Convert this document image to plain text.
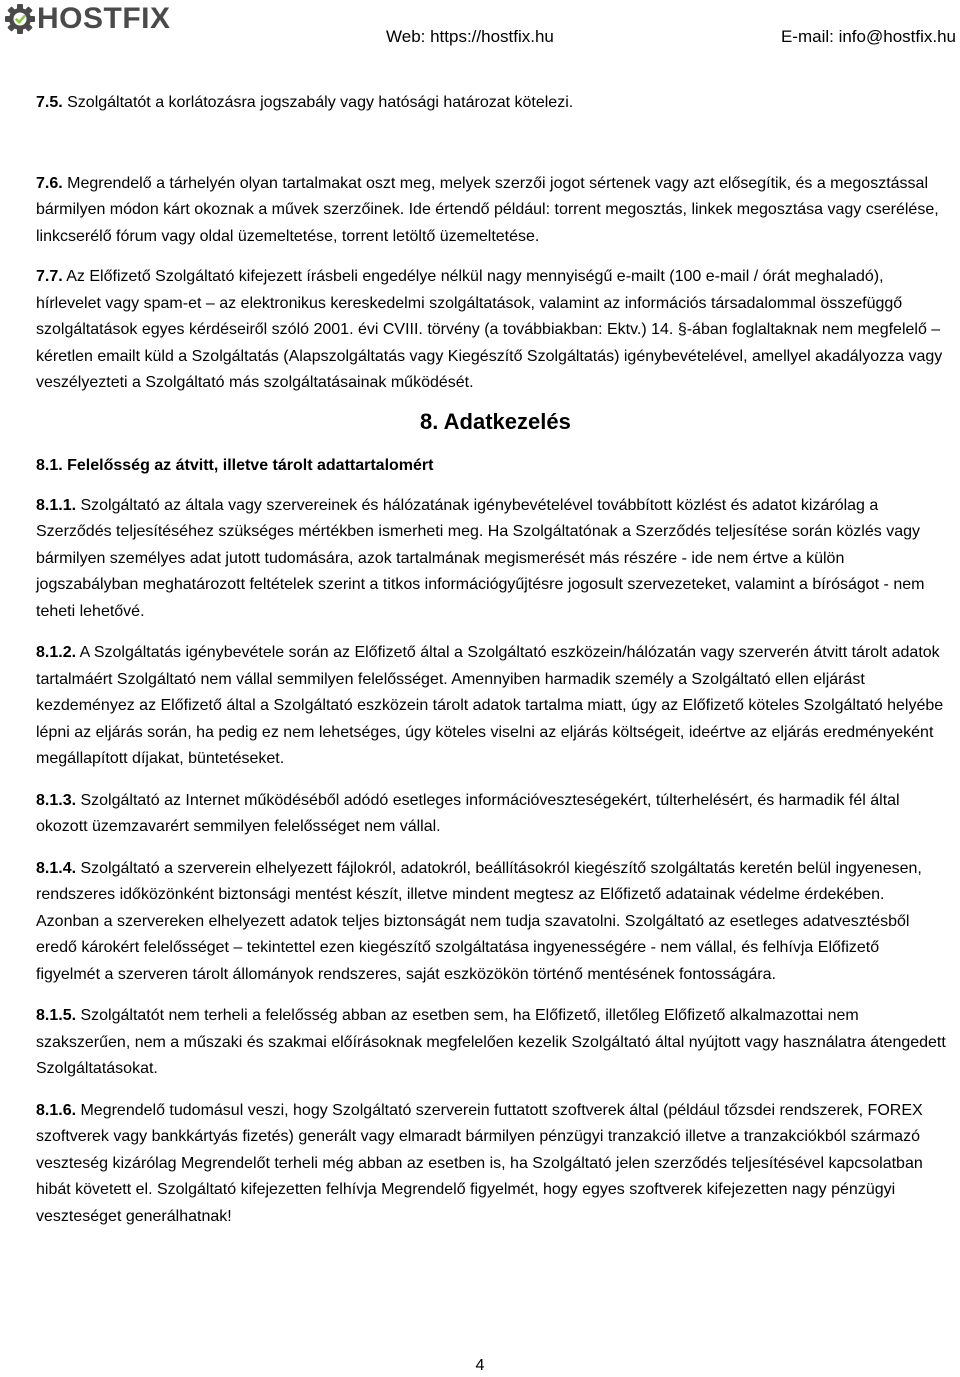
HOSTFIX
Web: https://hostfix.hu	E-mail: info@hostfix.hu

7.5. Szolgáltatót a korlátozásra jogszabály vagy hatósági határozat kötelezi.

7.6. Megrendelő a tárhelyén olyan tartalmakat oszt meg, melyek szerzői jogot sértenek vagy azt elősegítik, és a megosztással bármilyen módon kárt okoznak a művek szerzőinek. Ide értendő például: torrent megosztás, linkek megosztása vagy cserélése, linkcserélő fórum vagy oldal üzemeltetése, torrent letöltő üzemeltetése.

7.7. Az Előfizető Szolgáltató kifejezett írásbeli engedélye nélkül nagy mennyiségű e-mailt (100 e-mail / órát meghaladó), hírlevelet vagy spam-et – az elektronikus kereskedelmi szolgáltatások, valamint az információs társadalommal összefüggő szolgáltatások egyes kérdéseiről szóló 2001. évi CVIII. törvény (a továbbiakban: Ektv.) 14. §-ában foglaltaknak nem megfelelő – kéretlen emailt küld a Szolgáltatás (Alapszolgáltatás vagy Kiegészítő Szolgáltatás) igénybevételével, amellyel akadályozza vagy veszélyezteti a Szolgáltató más szolgáltatásainak működését.

8. Adatkezelés
8.1. Felelősség az átvitt, illetve tárolt adattartalomért

8.1.1. Szolgáltató az általa vagy szervereinek és hálózatának igénybevételével továbbított közlést és adatot kizárólag a Szerződés teljesítéséhez szükséges mértékben ismerheti meg. Ha Szolgáltatónak a Szerződés teljesítése során közlés vagy bármilyen személyes adat jutott tudomására, azok tartalmának megismerését más részére - ide nem értve a külön jogszabályban meghatározott feltételek szerint a titkos információgyűjtésre jogosult szervezeteket, valamint a bíróságot - nem teheti lehetővé.

8.1.2. A Szolgáltatás igénybevétele során az Előfizető által a Szolgáltató eszközein/hálózatán vagy szerverén átvitt tárolt adatok tartalmáért Szolgáltató nem vállal semmilyen felelősséget. Amennyiben harmadik személy a Szolgáltató ellen eljárást kezdeményez az Előfizető által a Szolgáltató eszközein tárolt adatok tartalma miatt, úgy az Előfizető köteles Szolgáltató helyébe lépni az eljárás során, ha pedig ez nem lehetséges, úgy köteles viselni az eljárás költségeit, ideértve az eljárás eredményeként megállapított díjakat, büntetéseket.

8.1.3. Szolgáltató az Internet működéséből adódó esetleges információveszteségekért, túlterhelésért, és harmadik fél által okozott üzemzavarért semmilyen felelősséget nem vállal.

8.1.4. Szolgáltató a szerverein elhelyezett fájlokról, adatokról, beállításokról kiegészítő szolgáltatás keretén belül ingyenesen, rendszeres időközönként biztonsági mentést készít, illetve mindent megtesz az Előfizető adatainak védelme érdekében. Azonban a szervereken elhelyezett adatok teljes biztonságát nem tudja szavatolni. Szolgáltató az esetleges adatvesztésből eredő károkért felelősséget – tekintettel ezen kiegészítő szolgáltatása ingyenességére - nem vállal, és felhívja Előfizető figyelmét a szerveren tárolt állományok rendszeres, saját eszközökön történő mentésének fontosságára.

8.1.5. Szolgáltatót nem terheli a felelősség abban az esetben sem, ha Előfizető, illetőleg Előfizető alkalmazottai nem szakszerűen, nem a műszaki és szakmai előírásoknak megfelelően kezelik Szolgáltató által nyújtott vagy használatra átengedett Szolgáltatásokat.

8.1.6. Megrendelő tudomásul veszi, hogy Szolgáltató szerverein futtatott szoftverek által (például tőzsdei rendszerek, FOREX szoftverek vagy bankkártyás fizetés) generált vagy elmaradt bármilyen pénzügyi tranzakció illetve a tranzakciókból származó veszteség kizárólag Megrendelőt terheli még abban az esetben is, ha Szolgáltató jelen szerződés teljesítésével kapcsolatban hibát követett el. Szolgáltató kifejezetten felhívja Megrendelő figyelmét, hogy egyes szoftverek kifejezetten nagy pénzügyi veszteséget generálhatnak!

4
